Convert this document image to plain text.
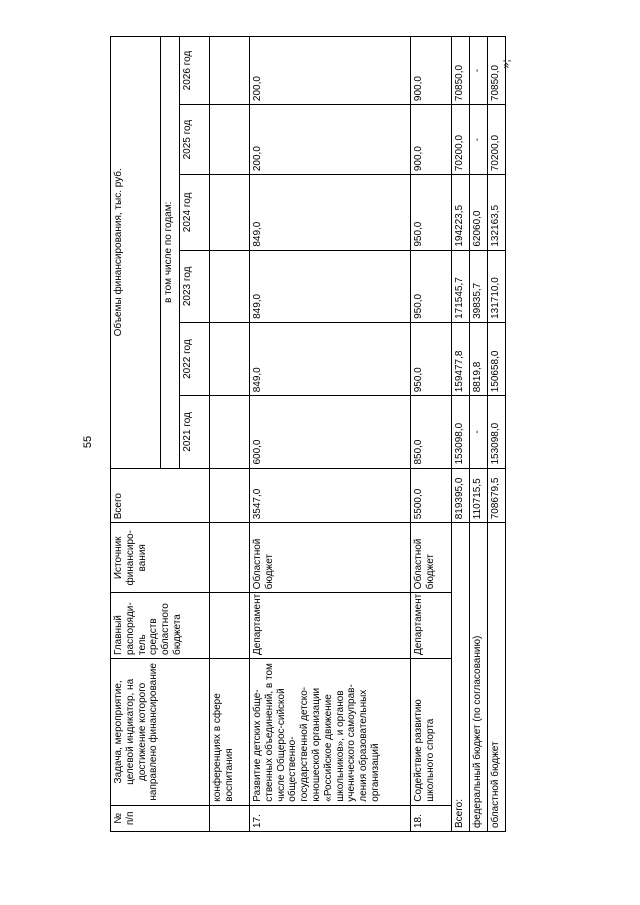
55
№ п/п	Задача, мероприятие, целевой индикатор, на достижение которого направлено финансирование	Главный распоряди-тель средств областного бюджета	Источник финансиро-вания	Всего	Объемы финансирования, тыс. руб.					
					в том числе по годам:					
					2021 год	2022 год	2023 год	2024 год	2025 год	2026 год
	конференциях в сфере воспитания									
17.	Развитие детских обще-ственных объединений, в том числе Общерос-сийской общественно-государственной детско-юношеской организации «Российское движение школьников», и органов ученического самоуправ-ления образовательных организаций	Департамент	Областной бюджет	3547,0	600,0	849,0	849,0	849,0	200,0	200,0
18.	Содействие развитию школьного спорта	Департамент	Областной бюджет	5500,0	850,0	950,0	950,0	950,0	900,0	900,0
Всего:				819395,0	153098,0	159477,8	171545,7	194223,5	70200,0	70850,0
федеральный бюджет (по согласованию)				110715,5	-	8819,8	39835,7	62060,0	-	-
областной бюджет				708679,5	153098,0	150658,0	131710,0	132163,5	70200,0	70850,0
»;
